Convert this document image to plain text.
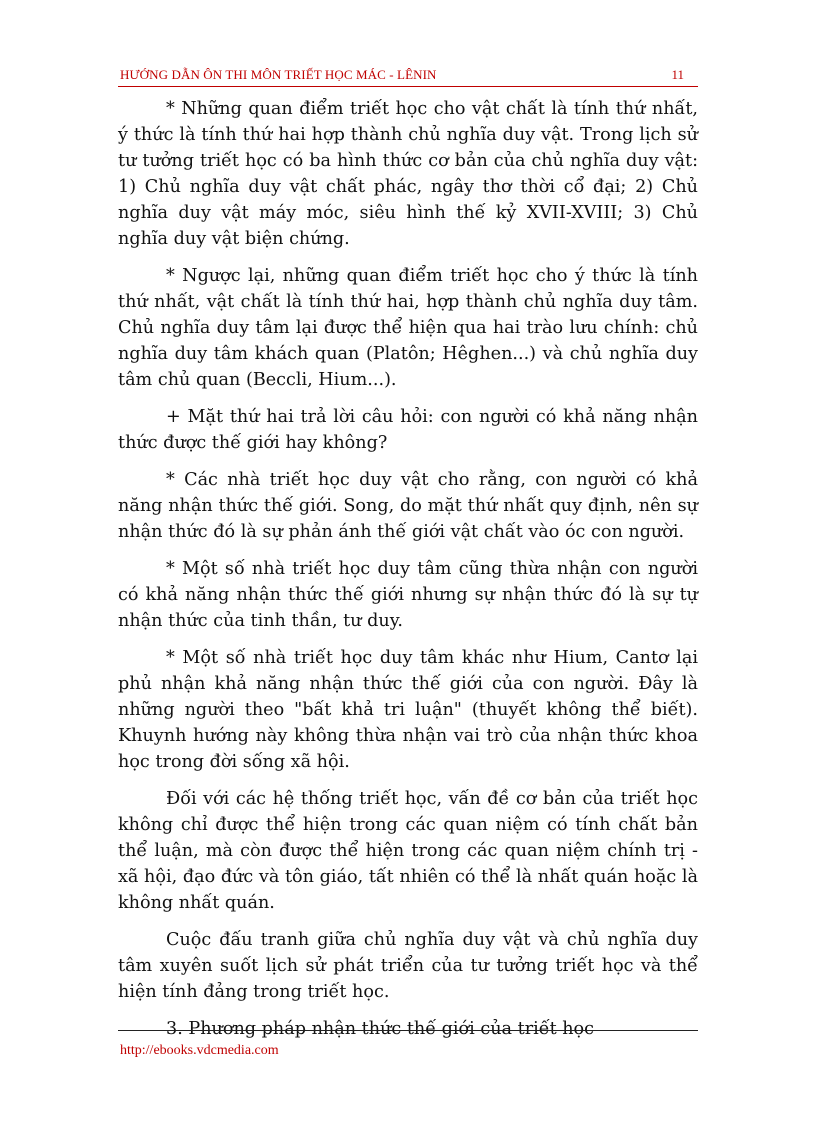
HƯỚNG DẪN ÔN THI MÔN TRIẾT HỌC MÁC - LÊNIN	11

* Những quan điểm triết học cho vật chất là tính thứ nhất, ý thức là tính thứ hai hợp thành chủ nghĩa duy vật. Trong lịch sử tư tưởng triết học có ba hình thức cơ bản của chủ nghĩa duy vật: 1) Chủ nghĩa duy vật chất phác, ngây thơ thời cổ đại; 2) Chủ nghĩa duy vật máy móc, siêu hình thế kỷ XVII-XVIII; 3) Chủ nghĩa duy vật biện chứng.

* Ngược lại, những quan điểm triết học cho ý thức là tính thứ nhất, vật chất là tính thứ hai, hợp thành chủ nghĩa duy tâm. Chủ nghĩa duy tâm lại được thể hiện qua hai trào lưu chính: chủ nghĩa duy tâm khách quan (Platôn; Hêghen...) và chủ nghĩa duy tâm chủ quan (Beccli, Hium...).

+ Mặt thứ hai trả lời câu hỏi: con người có khả năng nhận thức được thế giới hay không?

* Các nhà triết học duy vật cho rằng, con người có khả năng nhận thức thế giới. Song, do mặt thứ nhất quy định, nên sự nhận thức đó là sự phản ánh thế giới vật chất vào óc con người.

* Một số nhà triết học duy tâm cũng thừa nhận con người có khả năng nhận thức thế giới nhưng sự nhận thức đó là sự tự nhận thức của tinh thần, tư duy.

* Một số nhà triết học duy tâm khác như Hium, Cantơ lại phủ nhận khả năng nhận thức thế giới của con người. Đây là những người theo "bất khả tri luận" (thuyết không thể biết). Khuynh hướng này không thừa nhận vai trò của nhận thức khoa học trong đời sống xã hội.

Đối với các hệ thống triết học, vấn đề cơ bản của triết học không chỉ được thể hiện trong các quan niệm có tính chất bản thể luận, mà còn được thể hiện trong các quan niệm chính trị - xã hội, đạo đức và tôn giáo, tất nhiên có thể là nhất quán hoặc là không nhất quán.

Cuộc đấu tranh giữa chủ nghĩa duy vật và chủ nghĩa duy tâm xuyên suốt lịch sử phát triển của tư tưởng triết học và thể hiện tính đảng trong triết học.

3. Phương pháp nhận thức thế giới của triết học

http://ebooks.vdcmedia.com
